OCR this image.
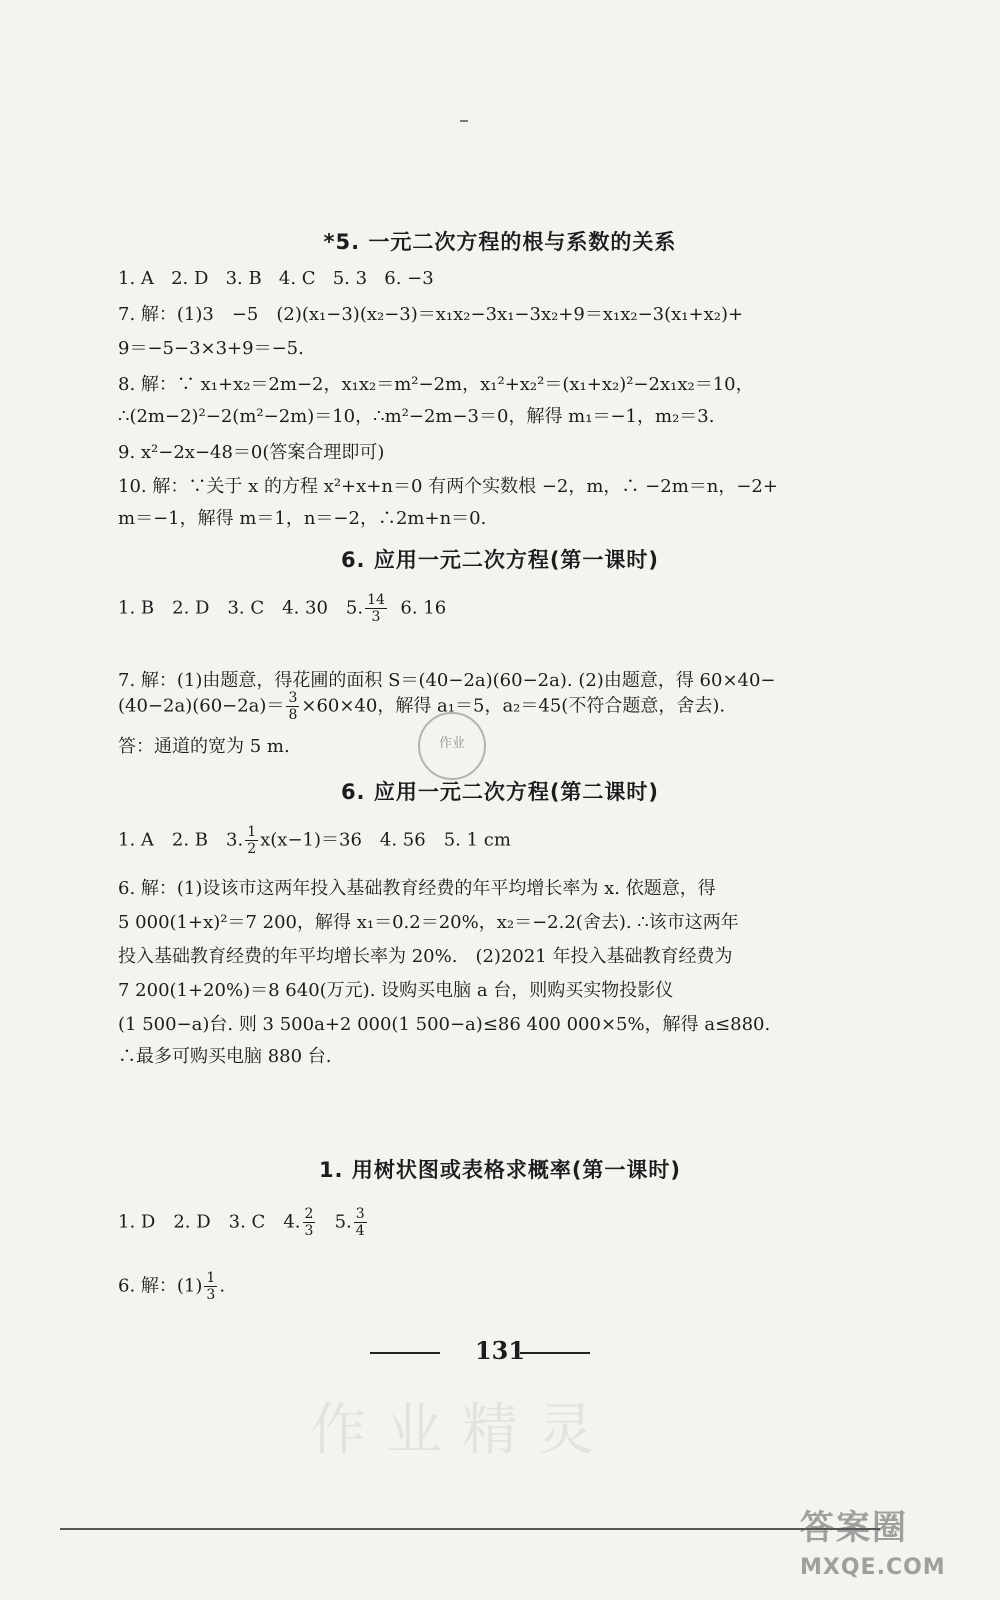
*5. 一元二次方程的根与系数的关系

1. A 2. D 3. B 4. C 5. 3 6. −3

7. 解：(1)3　−5　(2)(x₁−3)(x₂−3)＝x₁x₂−3x₁−3x₂+9＝x₁x₂−3(x₁+x₂)+

9＝−5−3×3+9＝−5.

8. 解：∵ x₁+x₂＝2m−2，x₁x₂＝m²−2m，x₁²+x₂²＝(x₁+x₂)²−2x₁x₂＝10，

∴(2m−2)²−2(m²−2m)＝10，∴m²−2m−3＝0，解得 m₁＝−1，m₂＝3.

9. x²−2x−48＝0(答案合理即可)

10. 解：∵关于 x 的方程 x²+x+n＝0 有两个实数根 −2，m，∴ −2m＝n，−2+

m＝−1，解得 m＝1，n＝−2，∴2m+n＝0.

6. 应用一元二次方程(第一课时)

1. B　2. D　3. C　4. 30　5. $\frac{14}{3} 6$. 16

7. 解：(1)由题意，得花圃的面积 S＝(40−2a)(60−2a). (2)由题意，得 60×40−

$(40-2a)(60-2a)= \frac{3}{8} \times 60\times 40$，解得 a₁＝5，a₂＝45(不符合题意，舍去).

答：通道的宽为 5 m.	作业
6. 应用一元二次方程(第二课时)

1. A　2. B　3. $\frac{1}{2} x(x-1)=36$　4. 56　5. 1 cm

6. 解：(1)设该市这两年投入基础教育经费的年平均增长率为 x. 依题意，得

5 000(1+x)²＝7 200，解得 x₁＝0.2＝20%，x₂＝−2.2(舍去). ∴该市这两年

投入基础教育经费的年平均增长率为 20%.　(2)2021 年投入基础教育经费为

7 200(1+20%)＝8 640(万元). 设购买电脑 a 台，则购买实物投影仪

(1 500−a)台. 则 3 500a+2 000(1 500−a)≤86 400 000×5%，解得 a≤880.

∴最多可购买电脑 880 台.

1. 用树状图或表格求概率(第一课时)

1. D　2. D　3. C　4. $\frac{2}{3} 5$. $\frac{3}{4}$

6. 解：$(1) \frac{1}{3}$ .

131
作业精灵
答案圈
MXQE.COM
